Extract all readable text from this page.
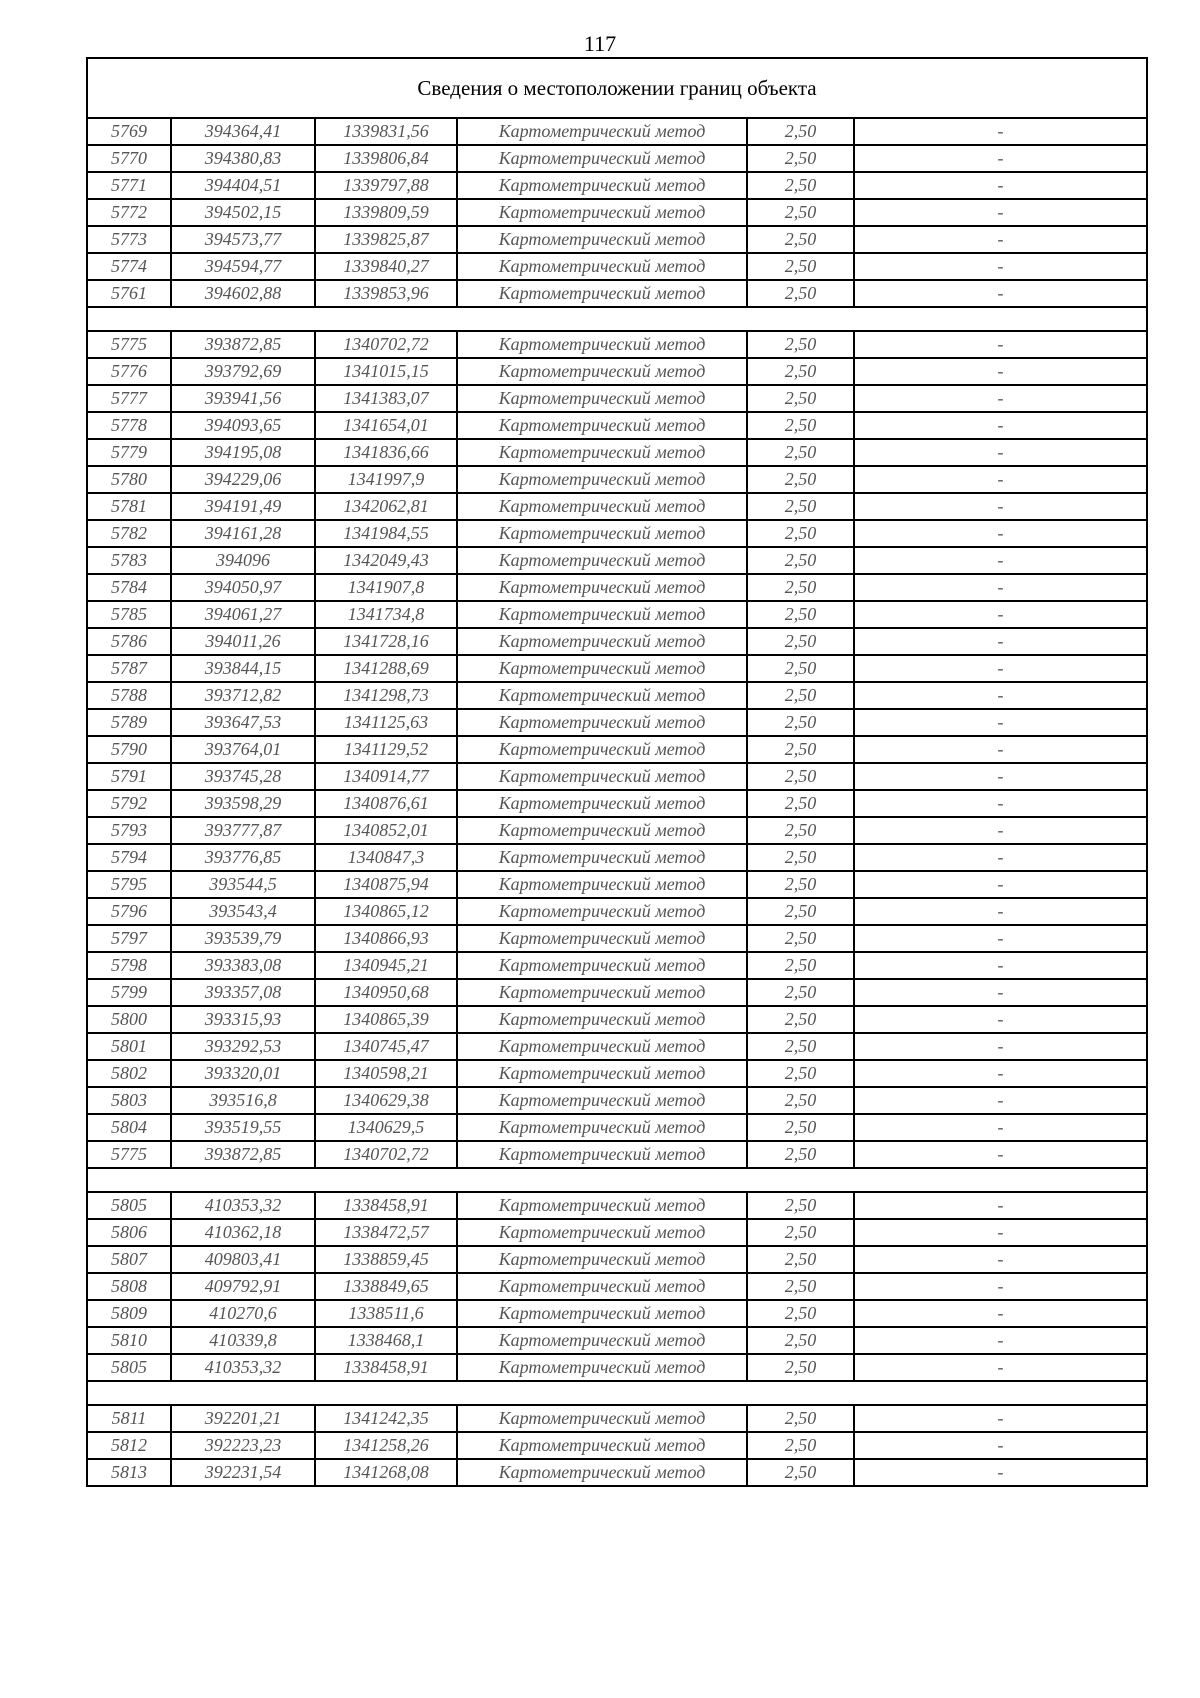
117
Сведения о местоположении границ объекта					
5769	394364,41	1339831,56	Картометрический метод	2,50	-
5770	394380,83	1339806,84	Картометрический метод	2,50	-
5771	394404,51	1339797,88	Картометрический метод	2,50	-
5772	394502,15	1339809,59	Картометрический метод	2,50	-
5773	394573,77	1339825,87	Картометрический метод	2,50	-
5774	394594,77	1339840,27	Картометрический метод	2,50	-
5761	394602,88	1339853,96	Картометрический метод	2,50	-

5775	393872,85	1340702,72	Картометрический метод	2,50	-
5776	393792,69	1341015,15	Картометрический метод	2,50	-
5777	393941,56	1341383,07	Картометрический метод	2,50	-
5778	394093,65	1341654,01	Картометрический метод	2,50	-
5779	394195,08	1341836,66	Картометрический метод	2,50	-
5780	394229,06	1341997,9	Картометрический метод	2,50	-
5781	394191,49	1342062,81	Картометрический метод	2,50	-
5782	394161,28	1341984,55	Картометрический метод	2,50	-
5783	394096	1342049,43	Картометрический метод	2,50	-
5784	394050,97	1341907,8	Картометрический метод	2,50	-
5785	394061,27	1341734,8	Картометрический метод	2,50	-
5786	394011,26	1341728,16	Картометрический метод	2,50	-
5787	393844,15	1341288,69	Картометрический метод	2,50	-
5788	393712,82	1341298,73	Картометрический метод	2,50	-
5789	393647,53	1341125,63	Картометрический метод	2,50	-
5790	393764,01	1341129,52	Картометрический метод	2,50	-
5791	393745,28	1340914,77	Картометрический метод	2,50	-
5792	393598,29	1340876,61	Картометрический метод	2,50	-
5793	393777,87	1340852,01	Картометрический метод	2,50	-
5794	393776,85	1340847,3	Картометрический метод	2,50	-
5795	393544,5	1340875,94	Картометрический метод	2,50	-
5796	393543,4	1340865,12	Картометрический метод	2,50	-
5797	393539,79	1340866,93	Картометрический метод	2,50	-
5798	393383,08	1340945,21	Картометрический метод	2,50	-
5799	393357,08	1340950,68	Картометрический метод	2,50	-
5800	393315,93	1340865,39	Картометрический метод	2,50	-
5801	393292,53	1340745,47	Картометрический метод	2,50	-
5802	393320,01	1340598,21	Картометрический метод	2,50	-
5803	393516,8	1340629,38	Картометрический метод	2,50	-
5804	393519,55	1340629,5	Картометрический метод	2,50	-
5775	393872,85	1340702,72	Картометрический метод	2,50	-

5805	410353,32	1338458,91	Картометрический метод	2,50	-
5806	410362,18	1338472,57	Картометрический метод	2,50	-
5807	409803,41	1338859,45	Картометрический метод	2,50	-
5808	409792,91	1338849,65	Картометрический метод	2,50	-
5809	410270,6	1338511,6	Картометрический метод	2,50	-
5810	410339,8	1338468,1	Картометрический метод	2,50	-
5805	410353,32	1338458,91	Картометрический метод	2,50	-

5811	392201,21	1341242,35	Картометрический метод	2,50	-
5812	392223,23	1341258,26	Картометрический метод	2,50	-
5813	392231,54	1341268,08	Картометрический метод	2,50	-
